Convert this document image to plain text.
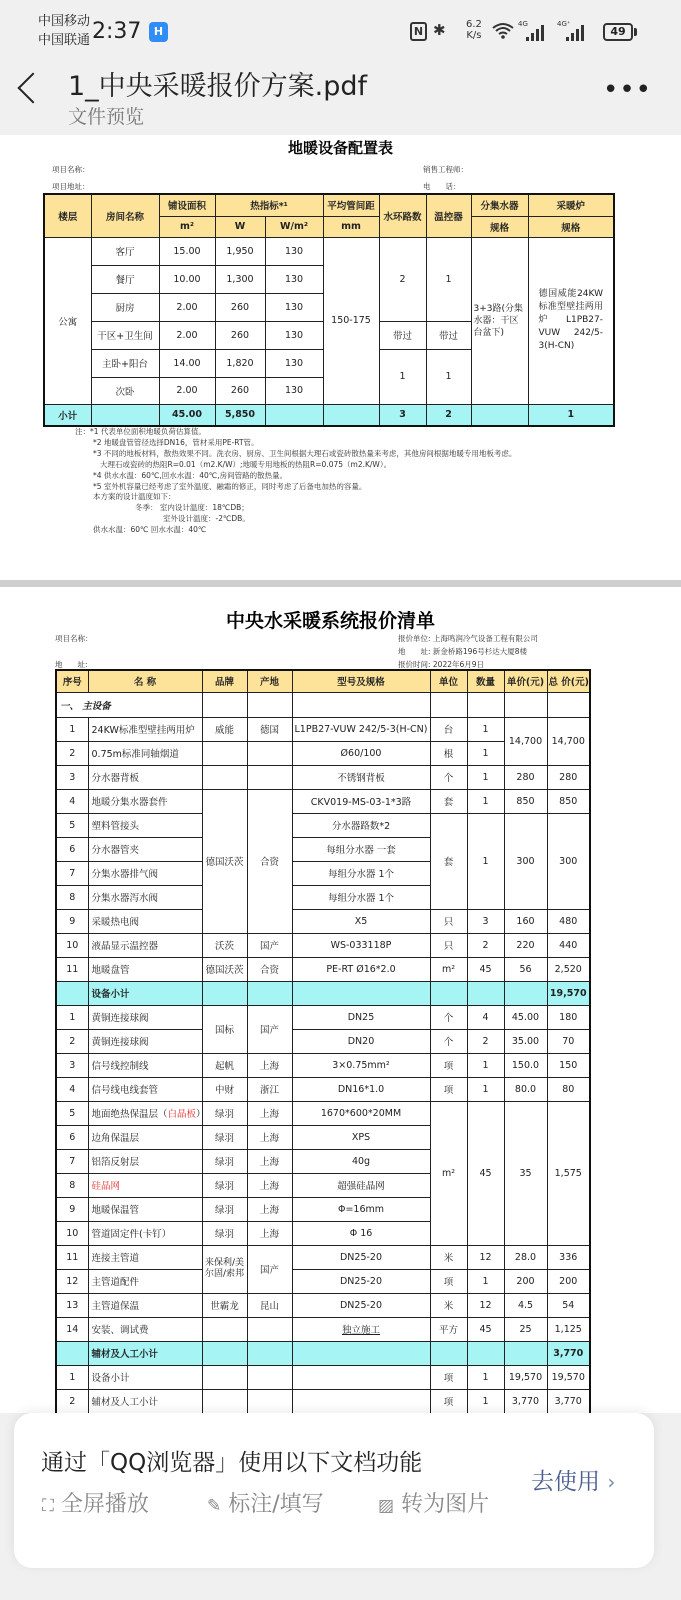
中国移动
中国联通 2:37	H	N ✱ 6.2
K/s
4G	4G⁺
49
1_中央采暖报价方案.pdf
文件预览
•••
地暖设备配置表
项目名称：
项目地址：
销售工程师：
电　　话：
楼层	房间名称	铺设面积	热指标*¹		平均管间距	水环路数	温控器	分集水器	采暖炉
		m²	W	W/m²	mm			规格	规格
公寓	客厅	15.00	1,950	130	150-175	2	1	3+3路(分集水器：干区台盆下)	德国威能24KW标准型壁挂两用炉L1PB27-VUW 242/5-3(H-CN)
	餐厅	10.00	1,300	130					
	厨房	2.00	260	130					
	干区+卫生间	2.00	260	130		带过	带过		
	主卧+阳台	14.00	1,820	130		1	1		
	次卧	2.00	260	130					
小计		45.00	5,850			3	2		1
注：*1 代表单位面积地暖负荷估算值。
*2 地暖盘管管径选择DN16，管材采用PE-RT管。
*3 不同的地板材料，散热效果不同。洗衣房、厨房、卫生间根据大理石或瓷砖散热量来考虑，其他房间根据地暖专用地板考虑。
大理石或瓷砖的热阻R=0.01（m2.K/W）;地暖专用地板的热阻R=0.075（m2.K/W）。
*4 供水水温：60℃,回水水温：40℃,房间管路的散热量。
*5 室外机容量已经考虑了室外温度、融霜的修正，同时考虑了后备电加热的容量。
本方案的设计温度如下：
冬季： 室内设计温度：18℃DB；
室外设计温度：-2℃DB。
供水水温：60℃ 回水水温：40℃
中央水采暖系统报价清单
项目名称：
地　　址:
报价单位: 上海鸣润冷气设备工程有限公司
地　　址: 新金桥路196号杉达大厦8楼
报价时间: 2022年6月9日
序号	名 称	品牌	产地	型号及规格	单位	数量	单价(元)	总 价(元)
一、 主设备								
1	24KW标准型壁挂两用炉	威能	德国	L1PB27-VUW 242/5-3(H-CN)	台	1	14,700	14,700
2	0.75m标准同轴烟道			Ø60/100	根	1		
3	分水器背板			不锈钢背板	个	1	280	280
4	地暖分集水器套件	德国沃茨	合资	CKV019-MS-03-1*3路	套	1	850	850
5	塑料管接头			分水器路数*2	套	1	300	300
6	分水器管夹			每组分水器 一套				
7	分集水器排气阀			每组分水器 1个				
8	分集水器泻水阀			每组分水器 1个				
9	采暖热电阀			X5	只	3	160	480
10	液晶显示温控器	沃茨	国产	WS-033118P	只	2	220	440
11	地暖盘管	德国沃茨	合资	PE-RT Ø16*2.0	m²	45	56	2,520
	设备小计							19,570
1	黄铜连接球阀	国标	国产	DN25	个	4	45.00	180
2	黄铜连接球阀			DN20	个	2	35.00	70
3	信号线控制线	起帆	上海	3×0.75mm²	项	1	150.0	150
4	信号线电线套管	中财	浙江	DN16*1.0	项	1	80.0	80
5	地面绝热保温层（白晶板）	绿羽	上海	1670*600*20MM	m²	45	35	1,575
6	边角保温层	绿羽	上海	XPS				
7	铝箔反射层	绿羽	上海	40g				
8	硅晶网	绿羽	上海	超强硅晶网				
9	地暖保温管	绿羽	上海	Φ=16mm				
10	管道固定件(卡钉）	绿羽	上海	Φ 16				
11	连接主管道	来保利/美尔固/索邦	国产	DN25-20	米	12	28.0	336
12	主管道配件			DN25-20	项	1	200	200
13	主管道保温	世霸龙	昆山	DN25-20	米	12	4.5	54
14	安装、调试费			独立施工	平方	45	25	1,125
	辅材及人工小计							3,770
1	设备小计				项	1	19,570	19,570
2	辅材及人工小计				项	1	3,770	3,770

通过「QQ浏览器」使用以下文档功能
⛶ 全屏播放	✎ 标注/填写	▨ 转为图片
去使用 ›
